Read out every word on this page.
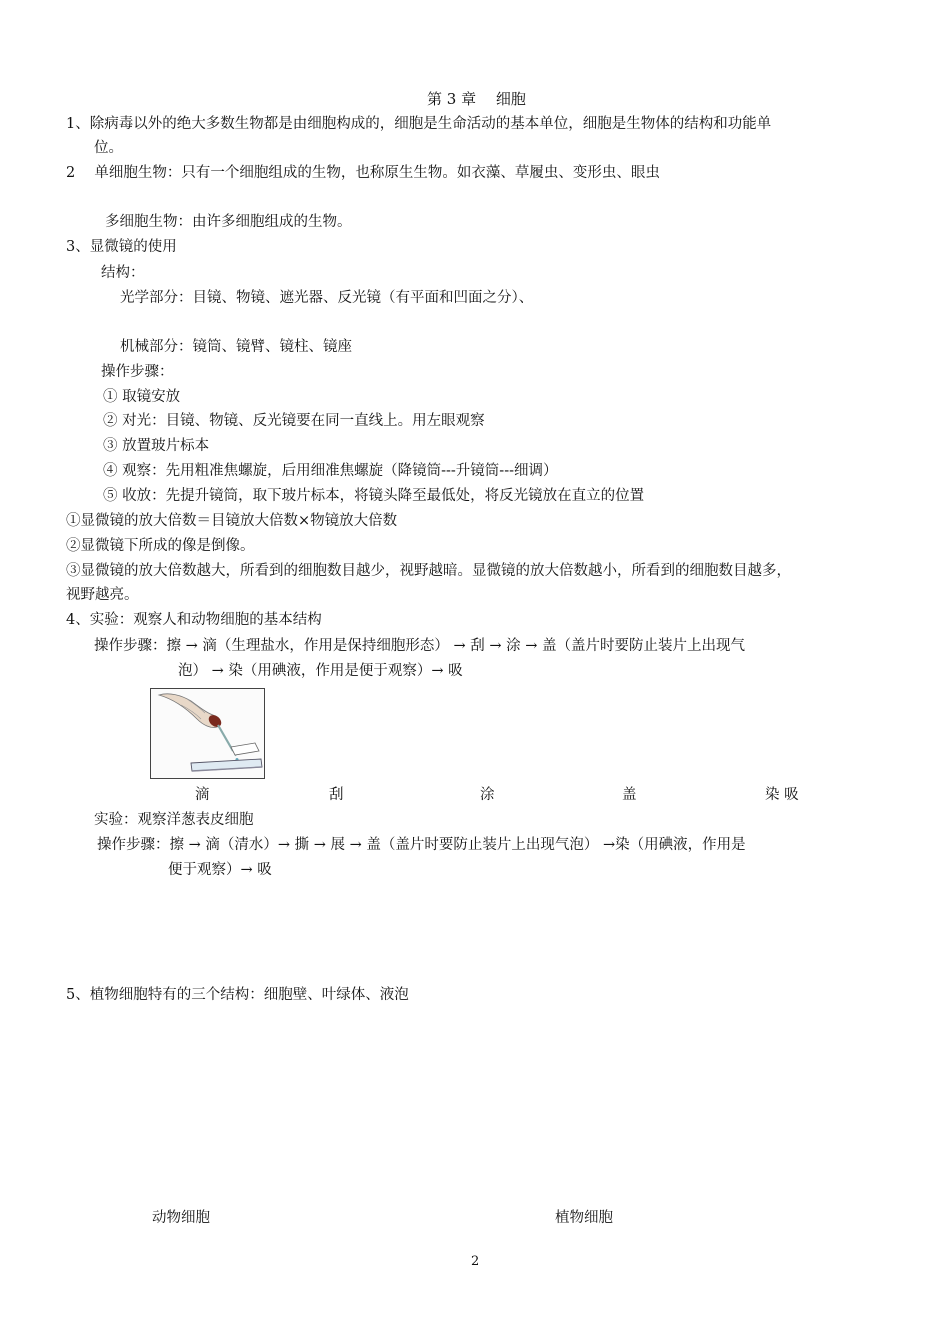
第 3 章　 细胞
1、除病毒以外的绝大多数生物都是由细胞构成的，细胞是生命活动的基本单位，细胞是生物体的结构和功能单
位。
2　 单细胞生物：只有一个细胞组成的生物，也称原生生物。如衣藻、草履虫、变形虫、眼虫
多细胞生物：由许多细胞组成的生物。
3、显微镜的使用
结构：
光学部分：目镜、物镜、遮光器、反光镜（有平面和凹面之分）、
机械部分：镜筒、镜臂、镜柱、镜座
操作步骤：
① 取镜安放
② 对光：目镜、物镜、反光镜要在同一直线上。用左眼观察
③ 放置玻片标本
④ 观察：先用粗准焦螺旋，后用细准焦螺旋（降镜筒---升镜筒---细调）
⑤ 收放：先提升镜筒，取下玻片标本，将镜头降至最低处，将反光镜放在直立的位置
①显微镜的放大倍数＝目镜放大倍数×物镜放大倍数
②显微镜下所成的像是倒像。
③显微镜的放大倍数越大，所看到的细胞数目越少，视野越暗。显微镜的放大倍数越小，所看到的细胞数目越多，
视野越亮。
4、实验：观察人和动物细胞的基本结构
操作步骤：擦 → 滴（生理盐水，作用是保持细胞形态） → 刮 → 涂 → 盖（盖片时要防止装片上出现气
泡） → 染（用碘液，作用是便于观察）→ 吸
滴	刮	涂	盖	染 吸
实验：观察洋葱表皮细胞
操作步骤：擦 → 滴（清水）→ 撕 → 展 → 盖（盖片时要防止装片上出现气泡） →染（用碘液，作用是
便于观察）→ 吸
5、植物细胞特有的三个结构：细胞壁、叶绿体、液泡
动物细胞	植物细胞
2
